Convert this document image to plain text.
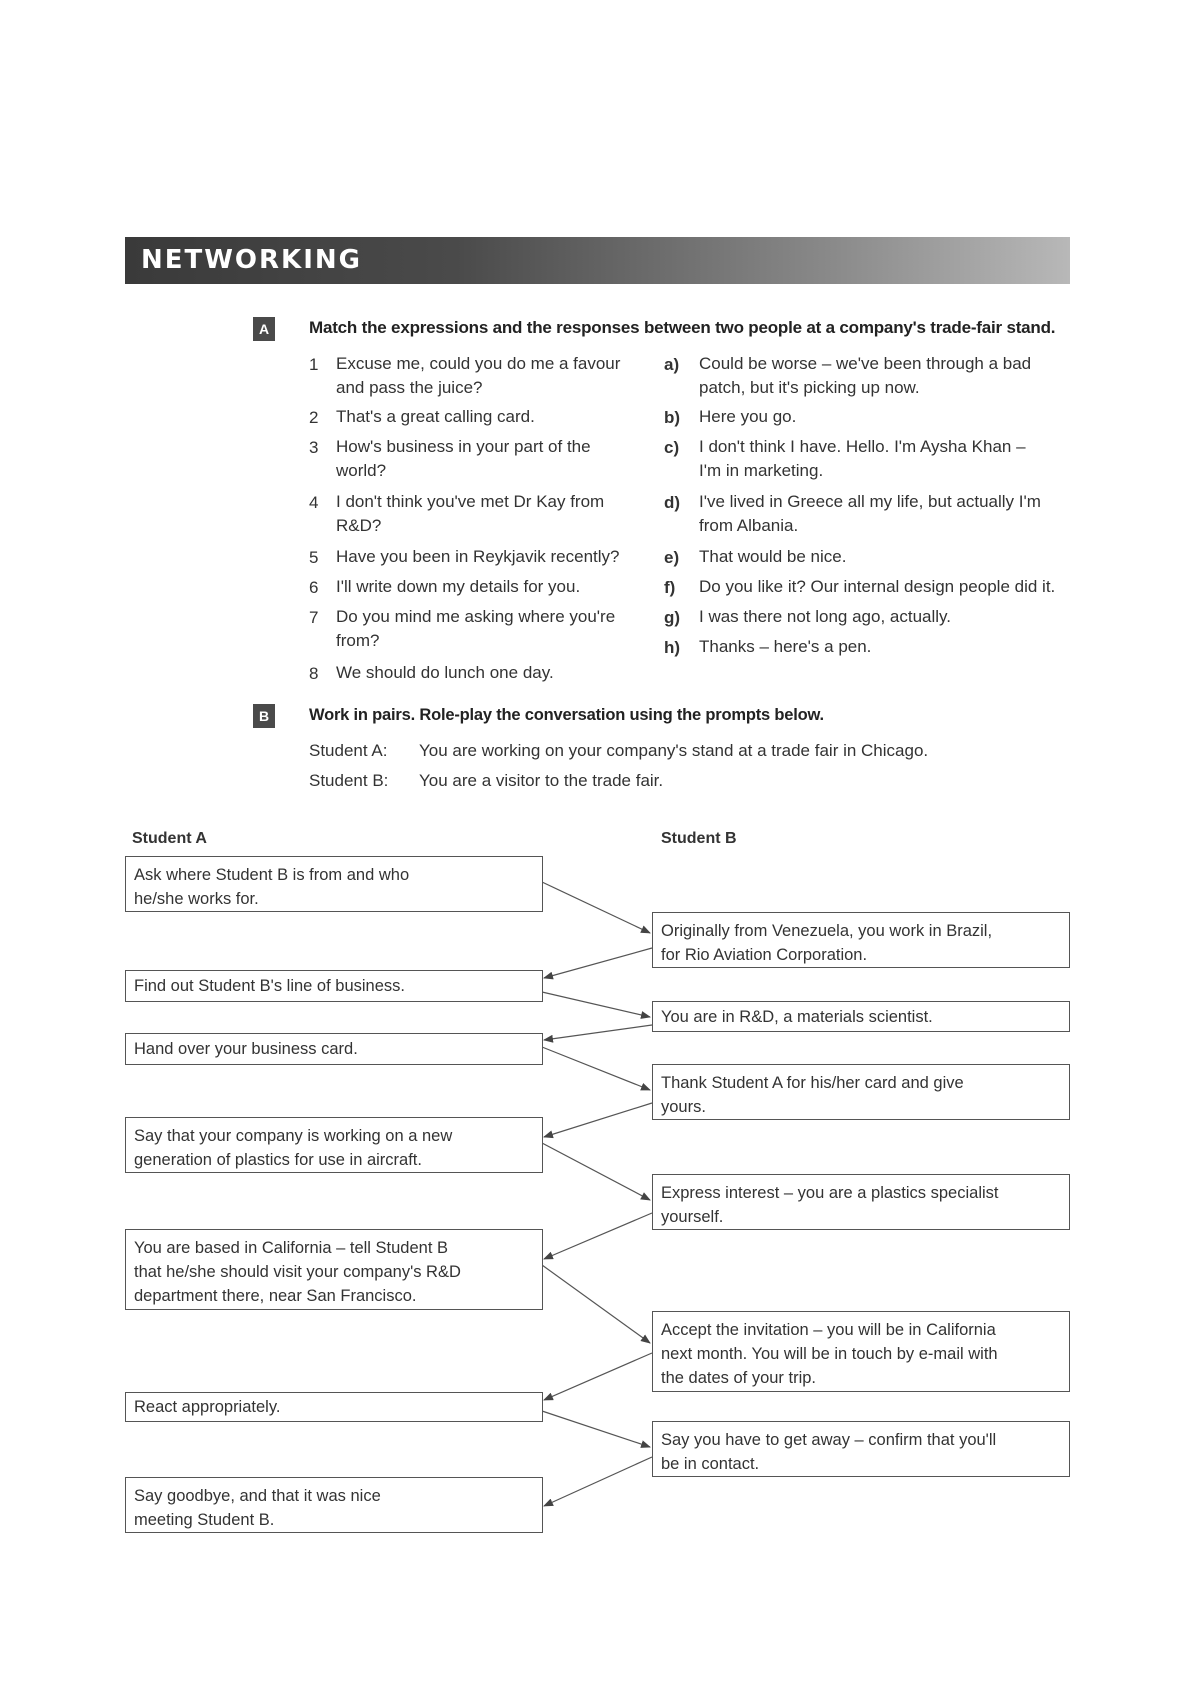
NETWORKING
A	Match the expressions and the responses between two people at a company's trade-fair stand.
1 Excuse me, could you do me a favour
and pass the juice?
2 That's a great calling card.
3 How's business in your part of the
world?
4 I don't think you've met Dr Kay from
R&D?
5 Have you been in Reykjavik recently?
6 I'll write down my details for you.
7 Do you mind me asking where you're
from?
8 We should do lunch one day.
a) Could be worse – we've been through a bad
patch, but it's picking up now.
b) Here you go.
c) I don't think I have. Hello. I'm Aysha Khan –
I'm in marketing.
d) I've lived in Greece all my life, but actually I'm
from Albania.
e) That would be nice.
f) Do you like it? Our internal design people did it.
g) I was there not long ago, actually.
h) Thanks – here's a pen.
B	Work in pairs. Role-play the conversation using the prompts below.
Student A: You are working on your company's stand at a trade fair in Chicago.
Student B: You are a visitor to the trade fair.
Student A	Student B
Ask where Student B is from and who
he/she works for.
Find out Student B's line of business.
Hand over your business card.
Say that your company is working on a new
generation of plastics for use in aircraft.
You are based in California – tell Student B
that he/she should visit your company's R&D
department there, near San Francisco.
React appropriately.
Say goodbye, and that it was nice
meeting Student B.
Originally from Venezuela, you work in Brazil,
for Rio Aviation Corporation.
You are in R&D, a materials scientist.
Thank Student A for his/her card and give
yours.
Express interest – you are a plastics specialist
yourself.
Accept the invitation – you will be in California
next month. You will be in touch by e-mail with
the dates of your trip.
Say you have to get away – confirm that you'll
be in contact.
